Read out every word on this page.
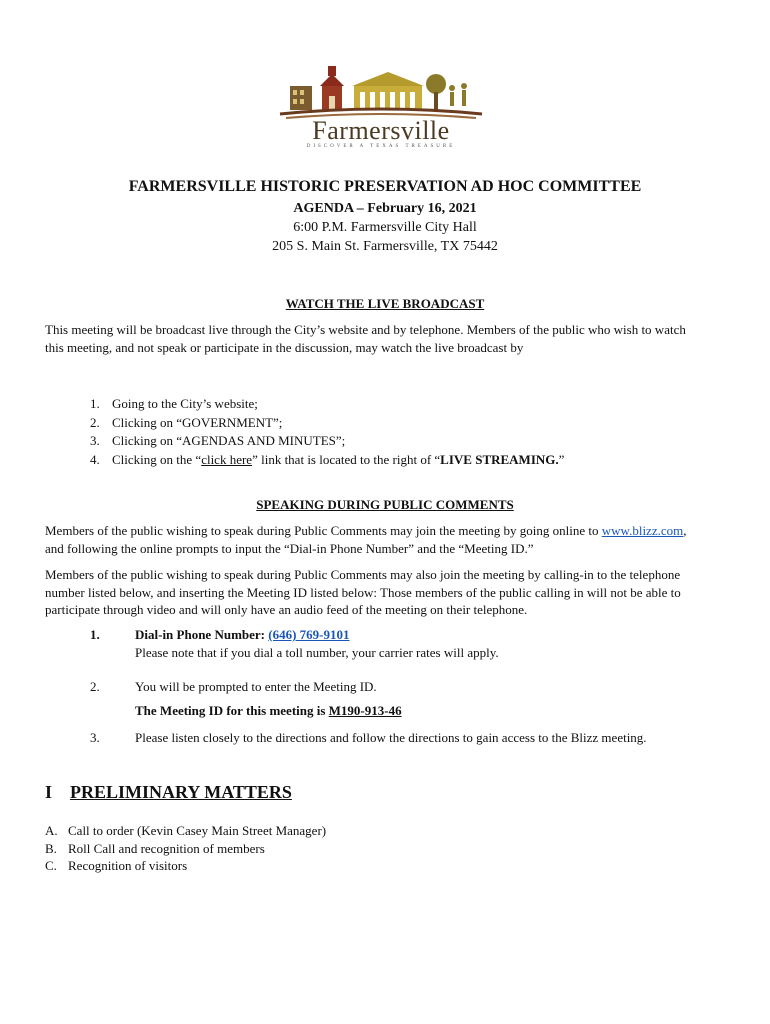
Farmersville
DISCOVER A TEXAS TREASURE
FARMERSVILLE HISTORIC PRESERVATION AD HOC COMMITTEE
AGENDA – February 16, 2021
6:00 P.M. Farmersville City Hall
205 S. Main St. Farmersville, TX 75442
WATCH THE LIVE BROADCAST
This meeting will be broadcast live through the City’s website and by telephone. Members of the public who wish to watch
this meeting, and not speak or participate in the discussion, may watch the live broadcast by
1. Going to the City’s website;
2. Clicking on “GOVERNMENT”;
3. Clicking on “AGENDAS AND MINUTES”;
4. Clicking on the “click here” link that is located to the right of “LIVE STREAMING.”
SPEAKING DURING PUBLIC COMMENTS
Members of the public wishing to speak during Public Comments may join the meeting by going online to www.blizz.com,
and following the online prompts to input the “Dial-in Phone Number” and the “Meeting ID.”
Members of the public wishing to speak during Public Comments may also join the meeting by calling-in to the telephone
number listed below, and inserting the Meeting ID listed below: Those members of the public calling in will not be able to
participate through video and will only have an audio feed of the meeting on their telephone.
1.	Dial-in Phone Number: (646) 769-9101
Please note that if you dial a toll number, your carrier rates will apply.
2.	You will be prompted to enter the Meeting ID.
The Meeting ID for this meeting is M190-913-46
3.	Please listen closely to the directions and follow the directions to gain access to the Blizz meeting.
I PRELIMINARY MATTERS
A. Call to order (Kevin Casey Main Street Manager)
B. Roll Call and recognition of members
C. Recognition of visitors
